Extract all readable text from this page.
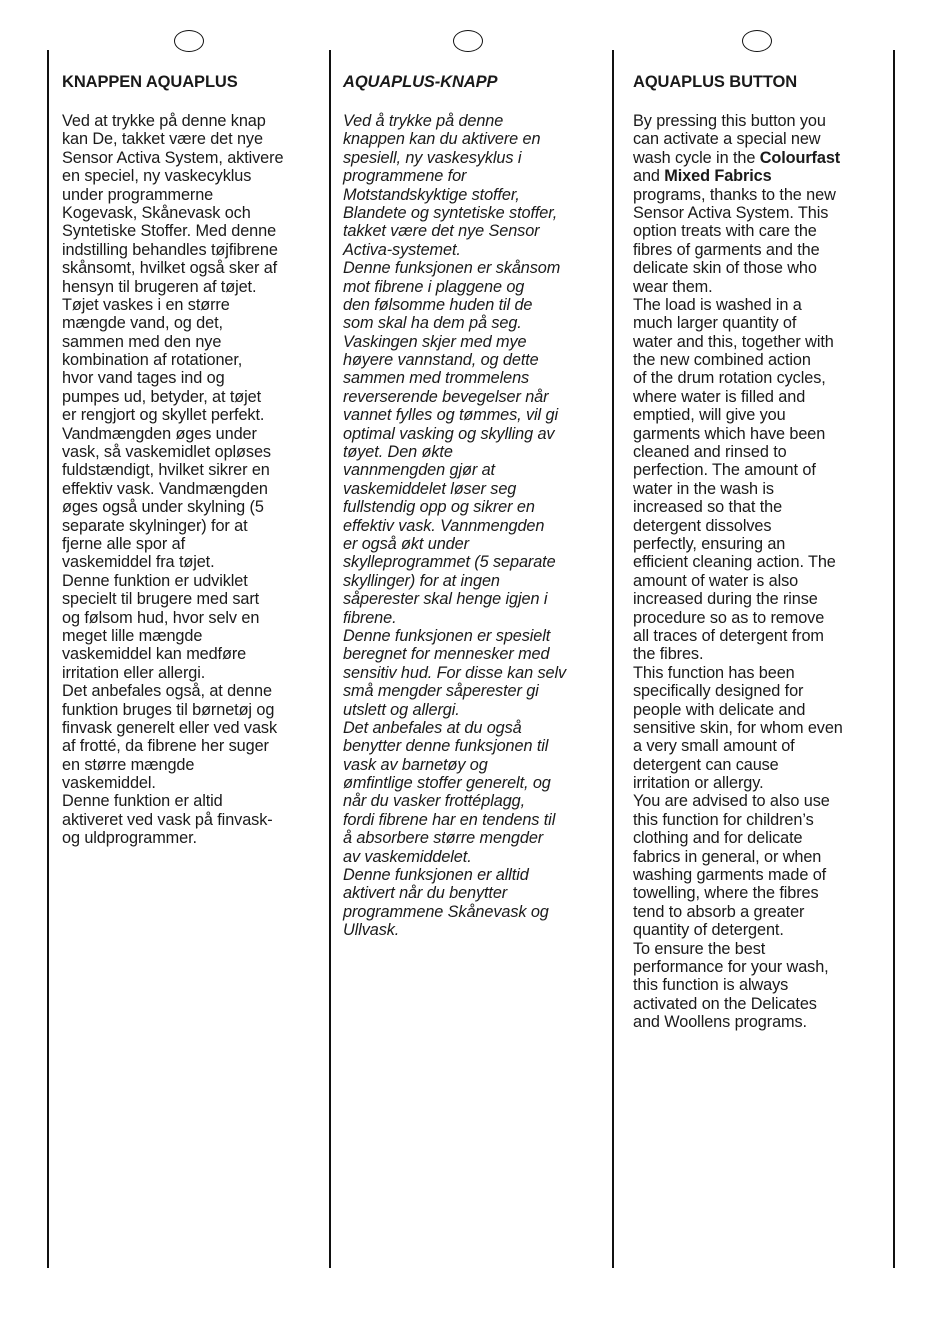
KNAPPEN AQUAPLUS
Ved at trykke på denne knap
kan De, takket være det nye
Sensor Activa System, aktivere
en speciel, ny vaskecyklus
under programmerne
Kogevask, Skånevask och
Syntetiske Stoffer. Med denne
indstilling behandles tøjfibrene
skånsomt, hvilket også sker af
hensyn til brugeren af tøjet.
Tøjet vaskes i en større
mængde vand, og det,
sammen med den nye
kombination af rotationer,
hvor vand tages ind og
pumpes ud, betyder, at tøjet
er rengjort og skyllet perfekt.
Vandmængden øges under
vask, så vaskemidlet opløses
fuldstændigt, hvilket sikrer en
effektiv vask. Vandmængden
øges også under skylning (5
separate skylninger) for at
fjerne alle spor af
vaskemiddel fra tøjet.
Denne funktion er udviklet
specielt til brugere med sart
og følsom hud, hvor selv en
meget lille mængde
vaskemiddel kan medføre
irritation eller allergi.
Det anbefales også, at denne
funktion bruges til børnetøj og
finvask generelt eller ved vask
af frotté, da fibrene her suger
en større mængde
vaskemiddel.
Denne funktion er altid
aktiveret ved vask på finvask-
og uldprogrammer.
AQUAPLUS-KNAPP
Ved å trykke på denne
knappen kan du aktivere en
spesiell, ny vaskesyklus i
programmene for
Motstandskyktige stoffer,
Blandete og syntetiske stoffer,
takket være det nye Sensor
Activa-systemet.
Denne funksjonen er skånsom
mot fibrene i plaggene og
den følsomme huden til de
som skal ha dem på seg.
Vaskingen skjer med mye
høyere vannstand, og dette
sammen med trommelens
reverserende bevegelser når
vannet fylles og tømmes, vil gi
optimal vasking og skylling av
tøyet. Den økte
vannmengden gjør at
vaskemiddelet løser seg
fullstendig opp og sikrer en
effektiv vask. Vannmengden
er også økt under
skylleprogrammet (5 separate
skyllinger) for at ingen
såperester skal henge igjen i
fibrene.
Denne funksjonen er spesielt
beregnet for mennesker med
sensitiv hud. For disse kan selv
små mengder såperester gi
utslett og allergi.
Det anbefales at du også
benytter denne funksjonen til
vask av barnetøy og
ømfintlige stoffer generelt, og
når du vasker frottéplagg,
fordi fibrene har en tendens til
å absorbere større mengder
av vaskemiddelet.
Denne funksjonen er alltid
aktivert når du benytter
programmene Skånevask og
Ullvask.
AQUAPLUS BUTTON
By pressing this button you
can activate a special new
wash cycle in the Colourfast
and Mixed Fabrics
programs, thanks to the new
Sensor Activa System. This
option treats with care the
fibres of garments and the
delicate skin of those who
wear them.
The load is washed in a
much larger quantity of
water and this, together with
the new combined action
of the drum rotation cycles,
where water is filled and
emptied, will give you
garments which have been
cleaned and rinsed to
perfection. The amount of
water in the wash is
increased so that the
detergent dissolves
perfectly, ensuring an
efficient cleaning action. The
amount of water is also
increased during the rinse
procedure so as to remove
all traces of detergent from
the fibres.
This function has been
specifically designed for
people with delicate and
sensitive skin, for whom even
a very small amount of
detergent can cause
irritation or allergy.
You are advised to also use
this function for children’s
clothing and for delicate
fabrics in general, or when
washing garments made of
towelling, where the fibres
tend to absorb a greater
quantity of detergent.
To ensure the best
performance for your wash,
this function is always
activated on the Delicates
and Woollens programs.
